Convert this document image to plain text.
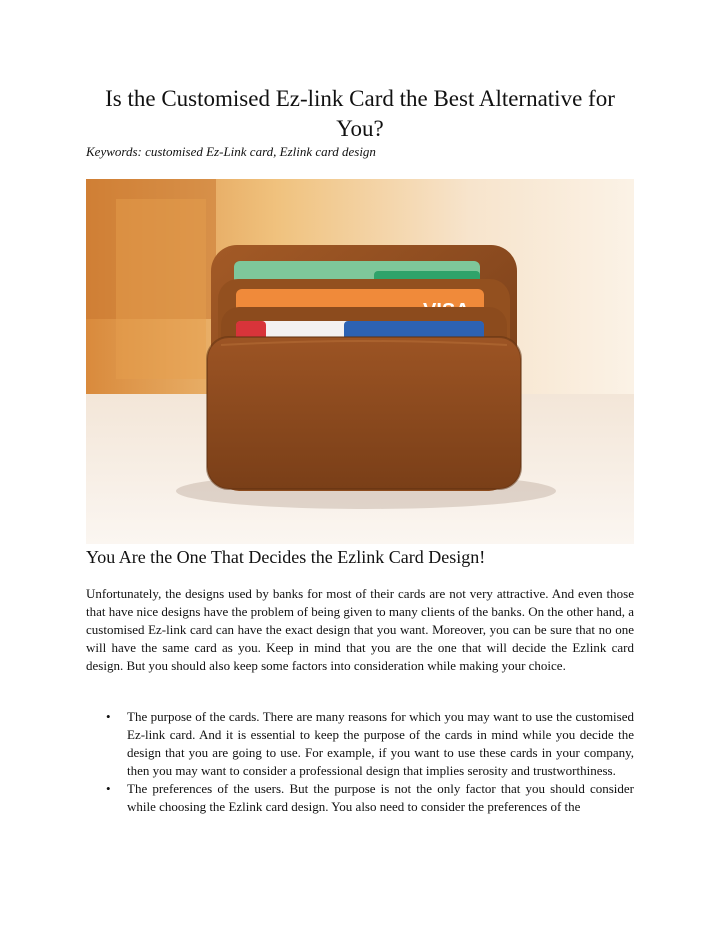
Is the Customised Ez-link Card the Best Alternative for You?
Keywords: customised Ez-Link card, Ezlink card design
You Are the One That Decides the Ezlink Card Design!

Unfortunately, the designs used by banks for most of their cards are not very attractive. And even those that have nice designs have the problem of being given to many clients of the banks. On the other hand, a customised Ez-link card can have the exact design that you want. Moreover, you can be sure that no one will have the same card as you. Keep in mind that you are the one that will decide the Ezlink card design. But you should also keep some factors into consideration while making your choice.

• The purpose of the cards. There are many reasons for which you may want to use the customised Ez-link card. And it is essential to keep the purpose of the cards in mind while you decide the design that you are going to use. For example, if you want to use these cards in your company, then you may want to consider a professional design that implies serosity and trustworthiness.
• The preferences of the users. But the purpose is not the only factor that you should consider while choosing the Ezlink card design. You also need to consider the preferences of the
